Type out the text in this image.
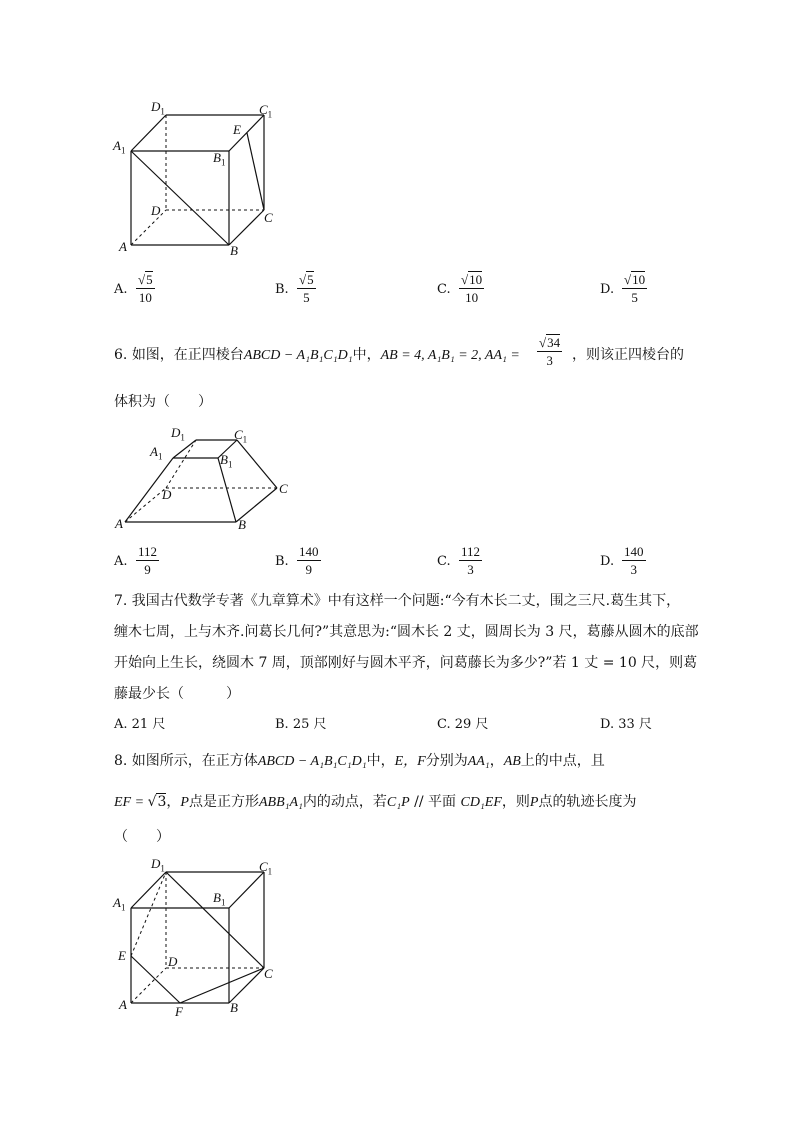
$D_1$	$C_1$
$A_1$	$B_1$
E
D	C
A	B
A. $\frac{√5}{10}$	B. $\frac{√5}{5}$	C. $\frac{√10}{10}$	D. $\frac{√10}{5}$
6. 如图，在正四棱台ABCD − A₁B₁C₁D₁中，AB = 4, A₁B₁ = 2, $AA_1 = \frac{√34}{3}$ ，则该正四棱台的
体积为（　　）
$D_1$	$C_1$
$A_1$	$B_1$
D	C
A	B
A. $\frac{112}{9}$	B. $\frac{140}{9}$	C. $\frac{112}{3}$	D. $\frac{140}{3}$
7. 我国古代数学专著《九章算术》中有这样一个问题:“今有木长二丈，围之三尺.葛生其下，
缠木七周，上与木齐.问葛长几何?”其意思为:“圆木长 2 丈，圆周长为 3 尺，葛藤从圆木的底部
开始向上生长，绕圆木 7 周，顶部刚好与圆木平齐，问葛藤长为多少?”若 1 丈 = 10 尺，则葛
藤最少长（　　　）
A. 21 尺	B. 25 尺	C. 29 尺	D. 33 尺
8. 如图所示，在正方体ABCD − A₁B₁C₁D₁中，E，F分别为AA₁，AB上的中点，且
EF = √3，P点是正方形ABB₁A₁内的动点，若C₁P // 平面 CD₁EF，则P点的轨迹长度为
（　　）
$D_1$	$C_1$
$A_1$
$B_1$
E	D
C
A	F	B
